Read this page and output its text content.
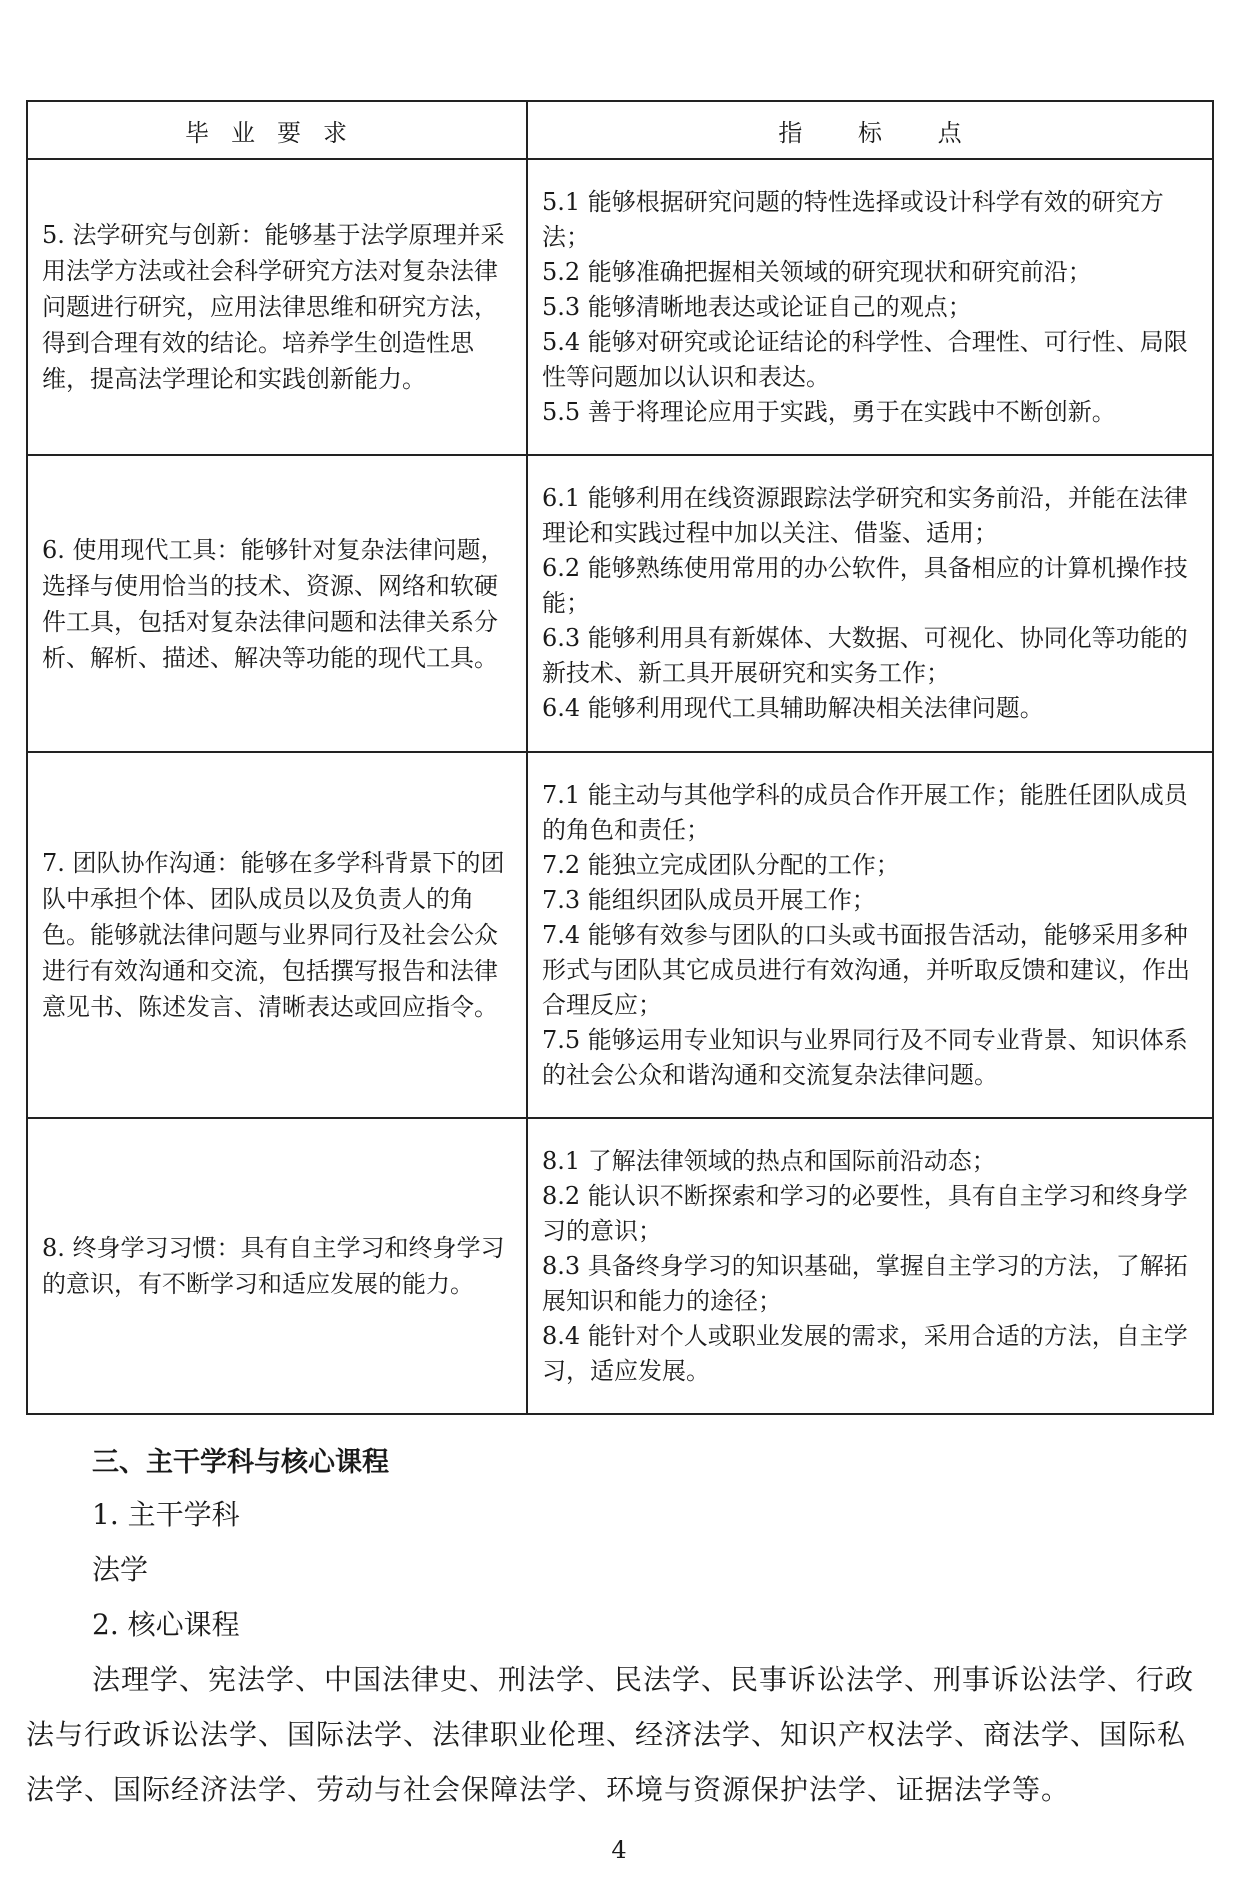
毕业要求	指 标 点
5. 法学研究与创新：能够基于法学原理并采用法学方法或社会科学研究方法对复杂法律问题进行研究，应用法律思维和研究方法，得到合理有效的结论。培养学生创造性思维，提高法学理论和实践创新能力。	5.1 能够根据研究问题的特性选择或设计科学有效的研究方法；
5.2 能够准确把握相关领域的研究现状和研究前沿；
5.3 能够清晰地表达或论证自己的观点；
5.4 能够对研究或论证结论的科学性、合理性、可行性、局限性等问题加以认识和表达。
5.5 善于将理论应用于实践，勇于在实践中不断创新。

6. 使用现代工具：能够针对复杂法律问题，选择与使用恰当的技术、资源、网络和软硬件工具，包括对复杂法律问题和法律关系分析、解析、描述、解决等功能的现代工具。	6.1 能够利用在线资源跟踪法学研究和实务前沿，并能在法律理论和实践过程中加以关注、借鉴、适用；
6.2 能够熟练使用常用的办公软件，具备相应的计算机操作技能；
6.3 能够利用具有新媒体、大数据、可视化、协同化等功能的新技术、新工具开展研究和实务工作；
6.4 能够利用现代工具辅助解决相关法律问题。

7. 团队协作沟通：能够在多学科背景下的团队中承担个体、团队成员以及负责人的角色。能够就法律问题与业界同行及社会公众进行有效沟通和交流，包括撰写报告和法律意见书、陈述发言、清晰表达或回应指令。	7.1 能主动与其他学科的成员合作开展工作；能胜任团队成员的角色和责任；
7.2 能独立完成团队分配的工作；
7.3 能组织团队成员开展工作；
7.4 能够有效参与团队的口头或书面报告活动，能够采用多种形式与团队其它成员进行有效沟通，并听取反馈和建议，作出合理反应；
7.5 能够运用专业知识与业界同行及不同专业背景、知识体系的社会公众和谐沟通和交流复杂法律问题。

8. 终身学习习惯：具有自主学习和终身学习的意识，有不断学习和适应发展的能力。	8.1 了解法律领域的热点和国际前沿动态；
8.2 能认识不断探索和学习的必要性，具有自主学习和终身学习的意识；
8.3 具备终身学习的知识基础，掌握自主学习的方法，了解拓展知识和能力的途径；
8.4 能针对个人或职业发展的需求，采用合适的方法，自主学习，适应发展。
三、主干学科与核心课程
1. 主干学科
法学
2. 核心课程
法理学、宪法学、中国法律史、刑法学、民法学、民事诉讼法学、刑事诉讼法学、行政法与行政诉讼法学、国际法学、法律职业伦理、经济法学、知识产权法学、商法学、国际私法学、国际经济法学、劳动与社会保障法学、环境与资源保护法学、证据法学等。
4
